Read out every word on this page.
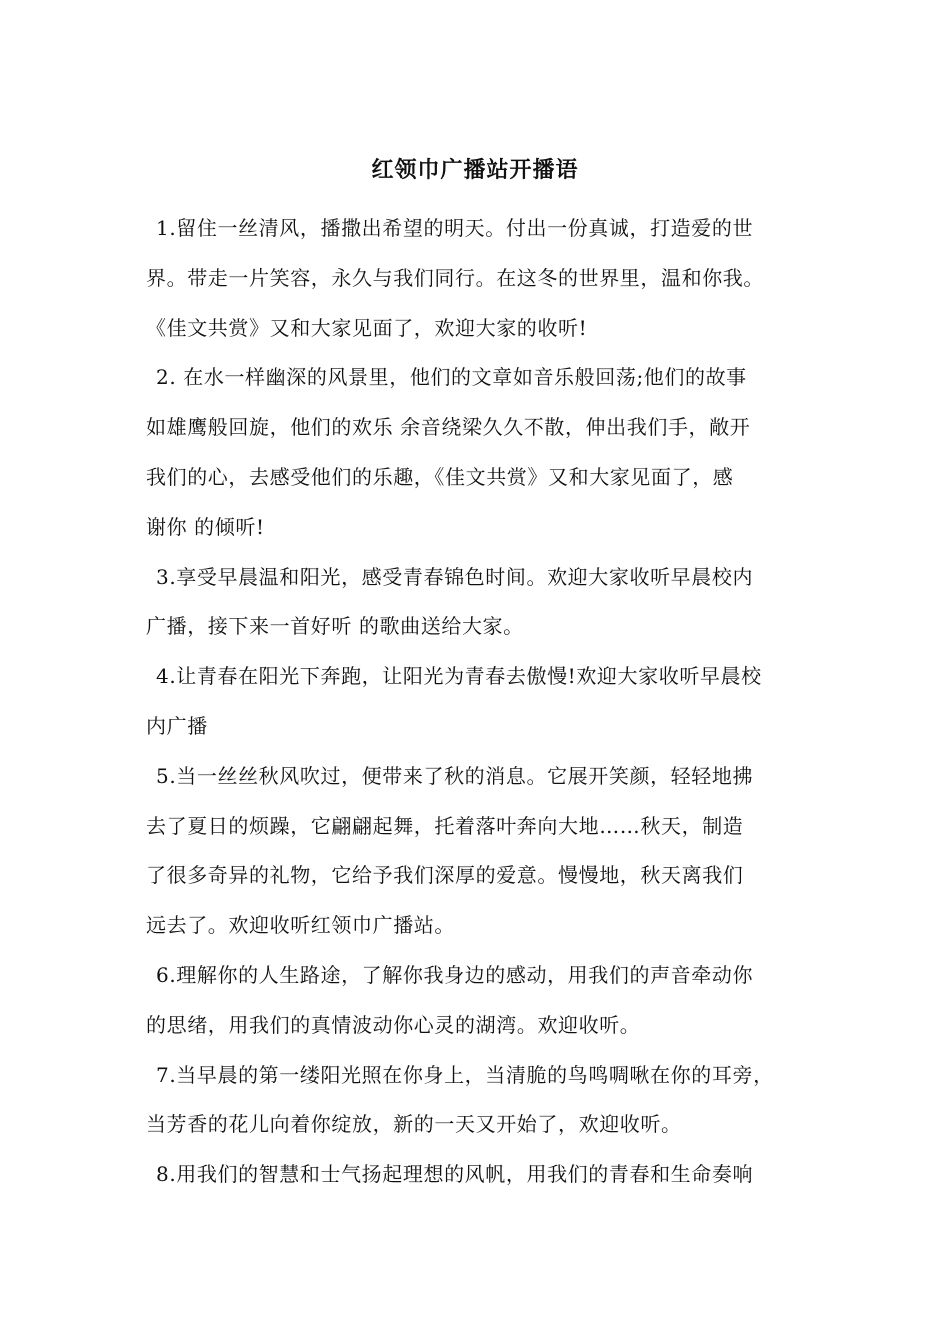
红领巾广播站开播语
1.留住一丝清风，播撒出希望的明天。付出一份真诚，打造爱的世
界。带走一片笑容，永久与我们同行。在这冬的世界里，温和你我。
《佳文共赏》又和大家见面了，欢迎大家的收听!
2. 在水一样幽深的风景里，他们的文章如音乐般回荡;他们的故事
如雄鹰般回旋，他们的欢乐 余音绕梁久久不散，伸出我们手，敞开
我们的心，去感受他们的乐趣，《佳文共赏》又和大家见面了，感
谢你 的倾听!
3.享受早晨温和阳光，感受青春锦色时间。欢迎大家收听早晨校内
广播，接下来一首好听 的歌曲送给大家。
4.让青春在阳光下奔跑，让阳光为青春去傲慢!欢迎大家收听早晨校
内广播
5.当一丝丝秋风吹过，便带来了秋的消息。它展开笑颜，轻轻地拂
去了夏日的烦躁，它翩翩起舞，托着落叶奔向大地……秋天，制造
了很多奇异的礼物，它给予我们深厚的爱意。慢慢地，秋天离我们
远去了。欢迎收听红领巾广播站。
6.理解你的人生路途，了解你我身边的感动，用我们的声音牵动你
的思绪，用我们的真情波动你心灵的湖湾。欢迎收听。
7.当早晨的第一缕阳光照在你身上，当清脆的鸟鸣啁啾在你的耳旁，
当芳香的花儿向着你绽放，新的一天又开始了，欢迎收听。
8.用我们的智慧和士气扬起理想的风帆，用我们的青春和生命奏响
